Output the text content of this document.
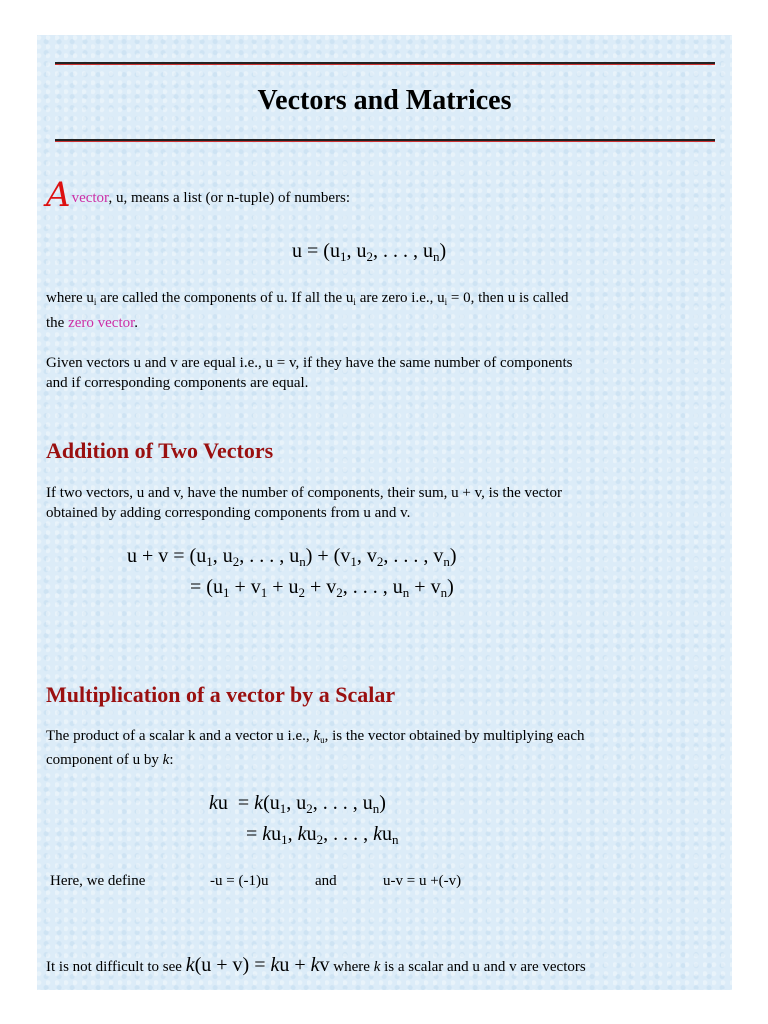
Vectors and Matrices
Avector, u, means a list (or n-tuple) of numbers:
$u = (u_1$, $u_2$, . . . , $u_n$)
where $u_i$ are called the components of u. If all the $u_i$ are zero i.e., $u_i = 0$, then u is called
the zero vector.
Given vectors u and v are equal i.e., u = v, if they have the same number of components
and if corresponding components are equal.
Addition of Two Vectors
If two vectors, u and v, have the number of components, their sum, u + v, is the vector
obtained by adding corresponding components from u and v.
$u + v = (u_1$, $u_2$, . . . , $u_n) + (v_1$, $v_2$, . . . , $v_n$)
= ($u_1 + v_1 + u_2 + v_2$, . . . , $u_n + v_n$)
Multiplication of a vector by a Scalar
The product of a scalar k and a vector u i.e., $k_u$, is the vector obtained by multiplying each
component of u by k:
ku  = $k(u_1$, $u_2$, . . . , $u_n$)
= $ku_1$, $ku_2$, . . . , $ku_n$
Here, we define	-u = (-1)u	and	u-v = u +(-v)
It is not difficult to see k(u + v) = ku + kv where k is a scalar and u and v are vectors
